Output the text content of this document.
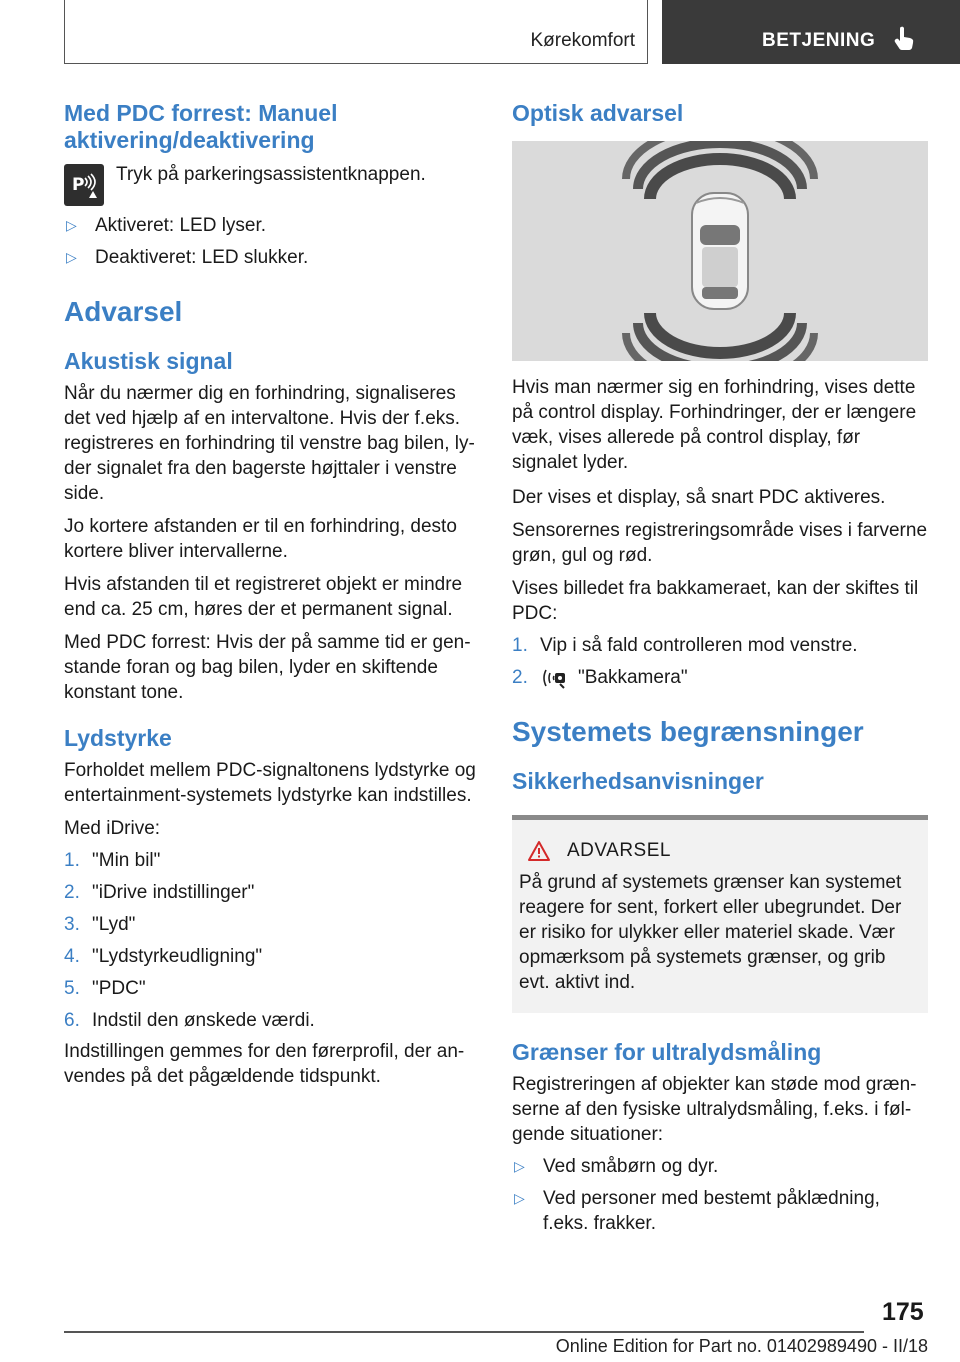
Kørekomfort	BETJENING
Med PDC forrest: Manuel aktivering/deaktivering
P Tryk på parkeringsassistentknappen.

▷ Aktiveret: LED lyser.
▷ Deaktiveret: LED slukker.
Advarsel
Akustisk signal

Når du nærmer dig en forhindring, signaliseres det ved hjælp af en intervaltone. Hvis der f.eks. registreres en forhindring til venstre bag bilen, lyder signalet fra den bagerste højttaler i venstre side.

Jo kortere afstanden er til en forhindring, desto kortere bliver intervallerne.

Hvis afstanden til et registreret objekt er mindre end ca. 25 cm, høres der et permanent signal.

Med PDC forrest: Hvis der på samme tid er genstande foran og bag bilen, lyder en skiftende konstant tone.

Lydstyrke

Forholdet mellem PDC-signaltonens lydstyrke og entertainment-systemets lydstyrke kan indstilles.

Med iDrive:

1. "Min bil"
2. "iDrive indstillinger"
3. "Lyd"
4. "Lydstyrkeudligning"
5. "PDC"
6. Indstil den ønskede værdi.

Indstillingen gemmes for den førerprofil, der anvendes på det pågældende tidspunkt.

Optisk advarsel

Hvis man nærmer sig en forhindring, vises dette på control display. Forhindringer, der er længere væk, vises allerede på control display, før signalet lyder.

Der vises et display, så snart PDC aktiveres.

Sensorernes registreringsområde vises i farverne grøn, gul og rød.

Vises billedet fra bakkameraet, kan der skiftes til PDC:

1. Vip i så fald controlleren mod venstre.
2.	"Bakkamera"
Systemets begrænsninger
Sikkerhedsanvisninger
ADVARSEL

På grund af systemets grænser kan systemet reagere for sent, forkert eller ubegrundet. Der er risiko for ulykker eller materiel skade. Vær opmærksom på systemets grænser, og grib evt. aktivt ind.

Grænser for ultralydsmåling

Registreringen af objekter kan støde mod grænserne af den fysiske ultralydsmåling, f.eks. i følgende situationer:

▷ Ved småbørn og dyr.
▷ Ved personer med bestemt påklædning, f.eks. frakker.
175
Online Edition for Part no. 01402989490 - II/18
